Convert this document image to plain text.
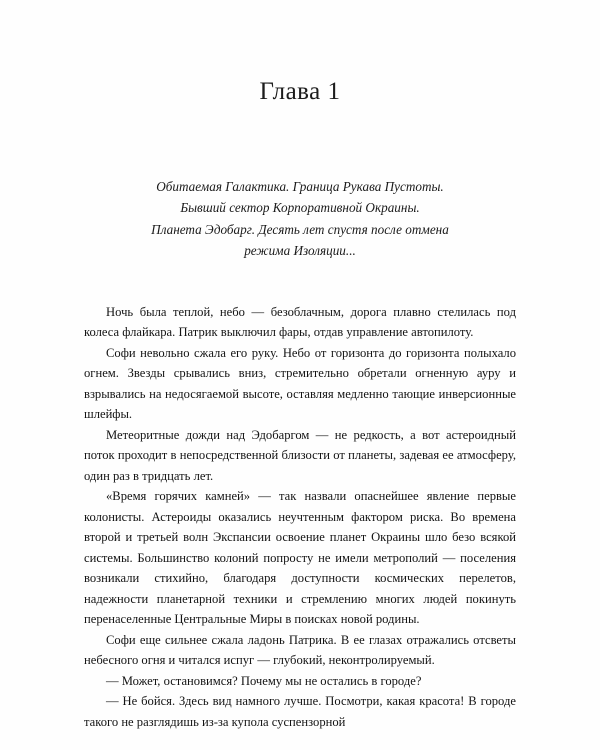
Глава 1
Обитаемая Галактика. Граница Рукава Пустоты.
Бывший сектор Корпоративной Окраины.
Планета Эдобарг. Десять лет спустя после отмена
режима Изоляции...

Ночь была теплой, небо — безоблачным, дорога плавно стелилась под колеса флайкара. Патрик выключил фары, отдав управление автопилоту.

Софи невольно сжала его руку. Небо от горизонта до горизонта полыхало огнем. Звезды срывались вниз, стремительно обретали огненную ауру и взрывались на недосягаемой высоте, оставляя медленно тающие инверсионные шлейфы.

Метеоритные дожди над Эдобаргом — не редкость, а вот астероидный поток проходит в непосредственной близости от планеты, задевая ее атмосферу, один раз в тридцать лет.

«Время горячих камней» — так назвали опаснейшее явление первые колонисты. Астероиды оказались неучтенным фактором риска. Во времена второй и третьей волн Экспансии освоение планет Окраины шло безо всякой системы. Большинство колоний попросту не имели метрополий — поселения возникали стихийно, благодаря доступности космических перелетов, надежности планетарной техники и стремлению многих людей покинуть перенаселенные Центральные Миры в поисках новой родины.

Софи еще сильнее сжала ладонь Патрика. В ее глазах отражались отсветы небесного огня и читался испуг — глубокий, неконтролируемый.

— Может, остановимся? Почему мы не остались в городе?

— Не бойся. Здесь вид намного лучше. Посмотри, какая красота! В городе такого не разглядишь из-за купола суспензорной
